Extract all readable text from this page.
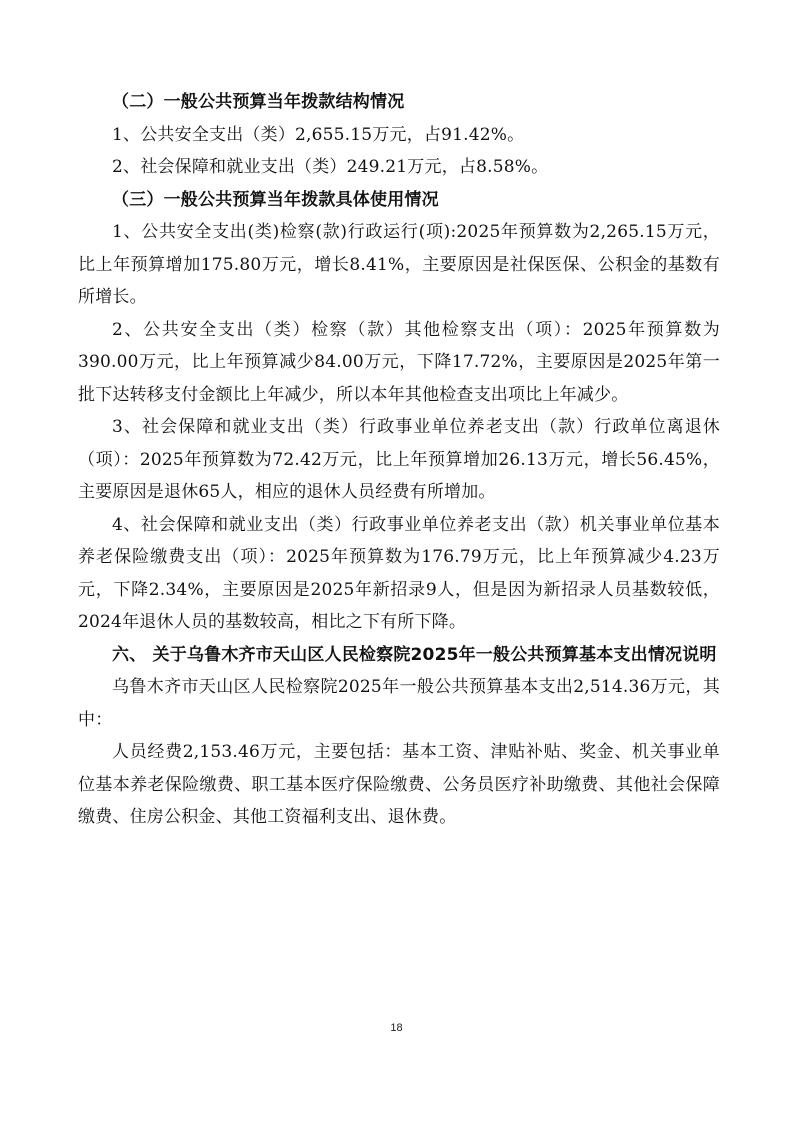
（二）一般公共预算当年拨款结构情况

1、公共安全支出（类）2,655.15万元，占91.42%。

2、社会保障和就业支出（类）249.21万元，占8.58%。

（三）一般公共预算当年拨款具体使用情况

1、公共安全支出(类)检察(款)行政运行(项):2025年预算数为2,265.15万元，比上年预算增加175.80万元，增长8.41%，主要原因是社保医保、公积金的基数有所增长。

2、公共安全支出（类）检察（款）其他检察支出（项）：2025年预算数为390.00万元，比上年预算减少84.00万元，下降17.72%，主要原因是2025年第一批下达转移支付金额比上年减少，所以本年其他检查支出项比上年减少。

3、社会保障和就业支出（类）行政事业单位养老支出（款）行政单位离退休（项）：2025年预算数为72.42万元，比上年预算增加26.13万元，增长56.45%，主要原因是退休65人，相应的退休人员经费有所增加。

4、社会保障和就业支出（类）行政事业单位养老支出（款）机关事业单位基本养老保险缴费支出（项）：2025年预算数为176.79万元，比上年预算减少4.23万元，下降2.34%，主要原因是2025年新招录9人，但是因为新招录人员基数较低，2024年退休人员的基数较高，相比之下有所下降。

六、 关于乌鲁木齐市天山区人民检察院2025年一般公共预算基本支出情况说明

乌鲁木齐市天山区人民检察院2025年一般公共预算基本支出2,514.36万元，其中：

人员经费2,153.46万元，主要包括：基本工资、津贴补贴、奖金、机关事业单位基本养老保险缴费、职工基本医疗保险缴费、公务员医疗补助缴费、其他社会保障缴费、住房公积金、其他工资福利支出、退休费。

18
